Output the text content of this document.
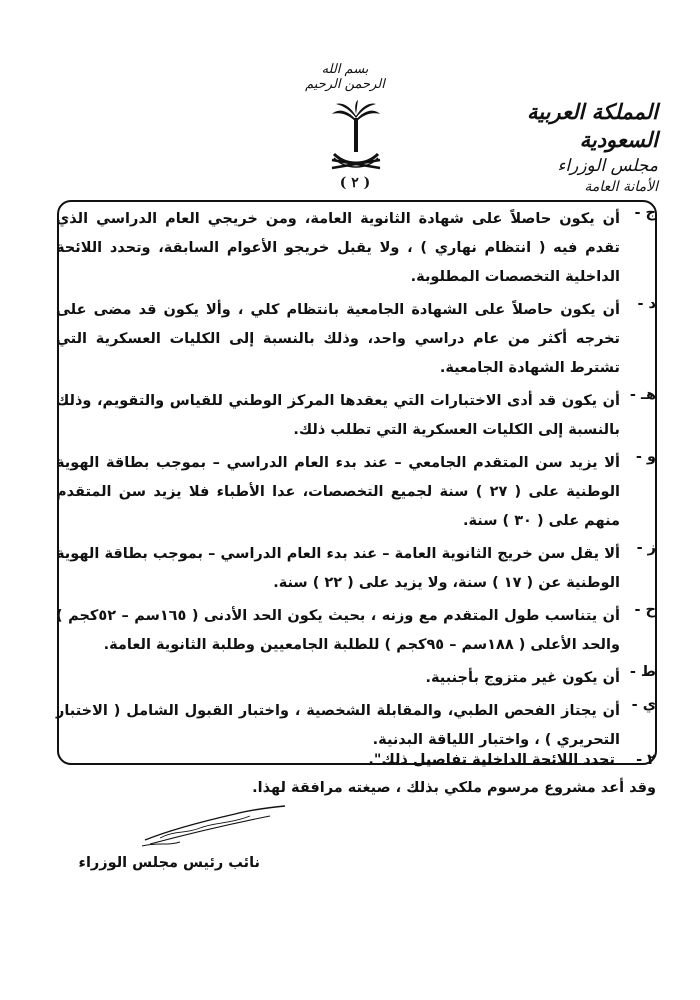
بسم الله الرحمن الرحيم
( ٢ )
المملكة العربية السعودية
مجلس الوزراء
الأمانة العامة
ج -
أن يكون حاصلاً على شهادة الثانوية العامة، ومن خريجي العام الدراسي الذي تقدم فيه ( انتظام نهاري ) ، ولا يقبل خريجو الأعوام السابقة، وتحدد اللائحة الداخلية التخصصات المطلوبة.
د -
أن يكون حاصلاً على الشهادة الجامعية بانتظام كلي ، وألا يكون قد مضى على تخرجه أكثر من عام دراسي واحد، وذلك بالنسبة إلى الكليات العسكرية التي تشترط الشهادة الجامعية.
هـ -
أن يكون قد أدى الاختبارات التي يعقدها المركز الوطني للقياس والتقويم، وذلك بالنسبة إلى الكليات العسكرية التي تطلب ذلك.
و -
ألا يزيد سن المتقدم الجامعي – عند بدء العام الدراسي – بموجب بطاقة الهوية الوطنية على ( ٢٧ ) سنة لجميع التخصصات، عدا الأطباء فلا يزيد سن المتقدم منهم على ( ٣٠ ) سنة.
ز -
ألا يقل سن خريج الثانوية العامة – عند بدء العام الدراسي – بموجب بطاقة الهوية الوطنية عن ( ١٧ ) سنة، ولا يزيد على ( ٢٢ ) سنة.
ح -
أن يتناسب طول المتقدم مع وزنه ، بحيث يكون الحد الأدنى ( ١٦٥سم – ٥٢كجم ) والحد الأعلى ( ١٨٨سم – ٩٥كجم ) للطلبة الجامعيين وطلبة الثانوية العامة.
ط -
أن يكون غير متزوج بأجنبية.
ي -
أن يجتاز الفحص الطبي، والمقابلة الشخصية ، واختبار القبول الشامل ( الاختبار التحريري ) ، واختبار اللياقة البدنية.
٢ - تحدد اللائحة الداخلية تفاصيل ذلك".
وقد أعد مشروع مرسوم ملكي بذلك ، صيغته مرافقة لهذا.
نائب رئيس مجلس الوزراء
